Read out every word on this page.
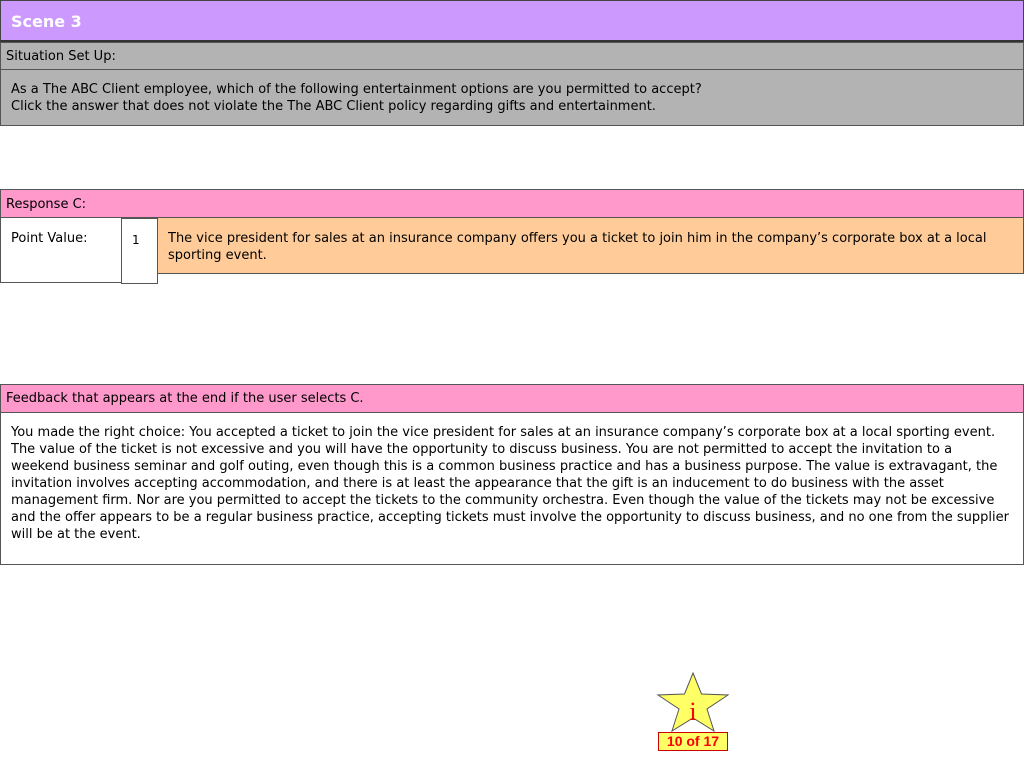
Scene 3
Situation Set Up:
As a The ABC Client employee, which of the following entertainment options are you permitted to accept?
Click the answer that does not violate the The ABC Client policy regarding gifts and entertainment.
Response C:
Point Value:	1 The vice president for sales at an insurance company offers you a ticket to join him in the company’s corporate box at a local sporting event.
Feedback that appears at the end if the user selects C.
You made the right choice: You accepted a ticket to join the vice president for sales at an insurance company’s corporate box at a local sporting event. The value of the ticket is not excessive and you will have the opportunity to discuss business. You are not permitted to accept the invitation to a weekend business seminar and golf outing, even though this is a common business practice and has a business purpose. The value is extravagant, the invitation involves accepting accommodation, and there is at least the appearance that the gift is an inducement to do business with the asset management firm. Nor are you permitted to accept the tickets to the community orchestra. Even though the value of the tickets may not be excessive and the offer appears to be a regular business practice, accepting tickets must involve the opportunity to discuss business, and no one from the supplier will be at the event.
i
10 of 17
